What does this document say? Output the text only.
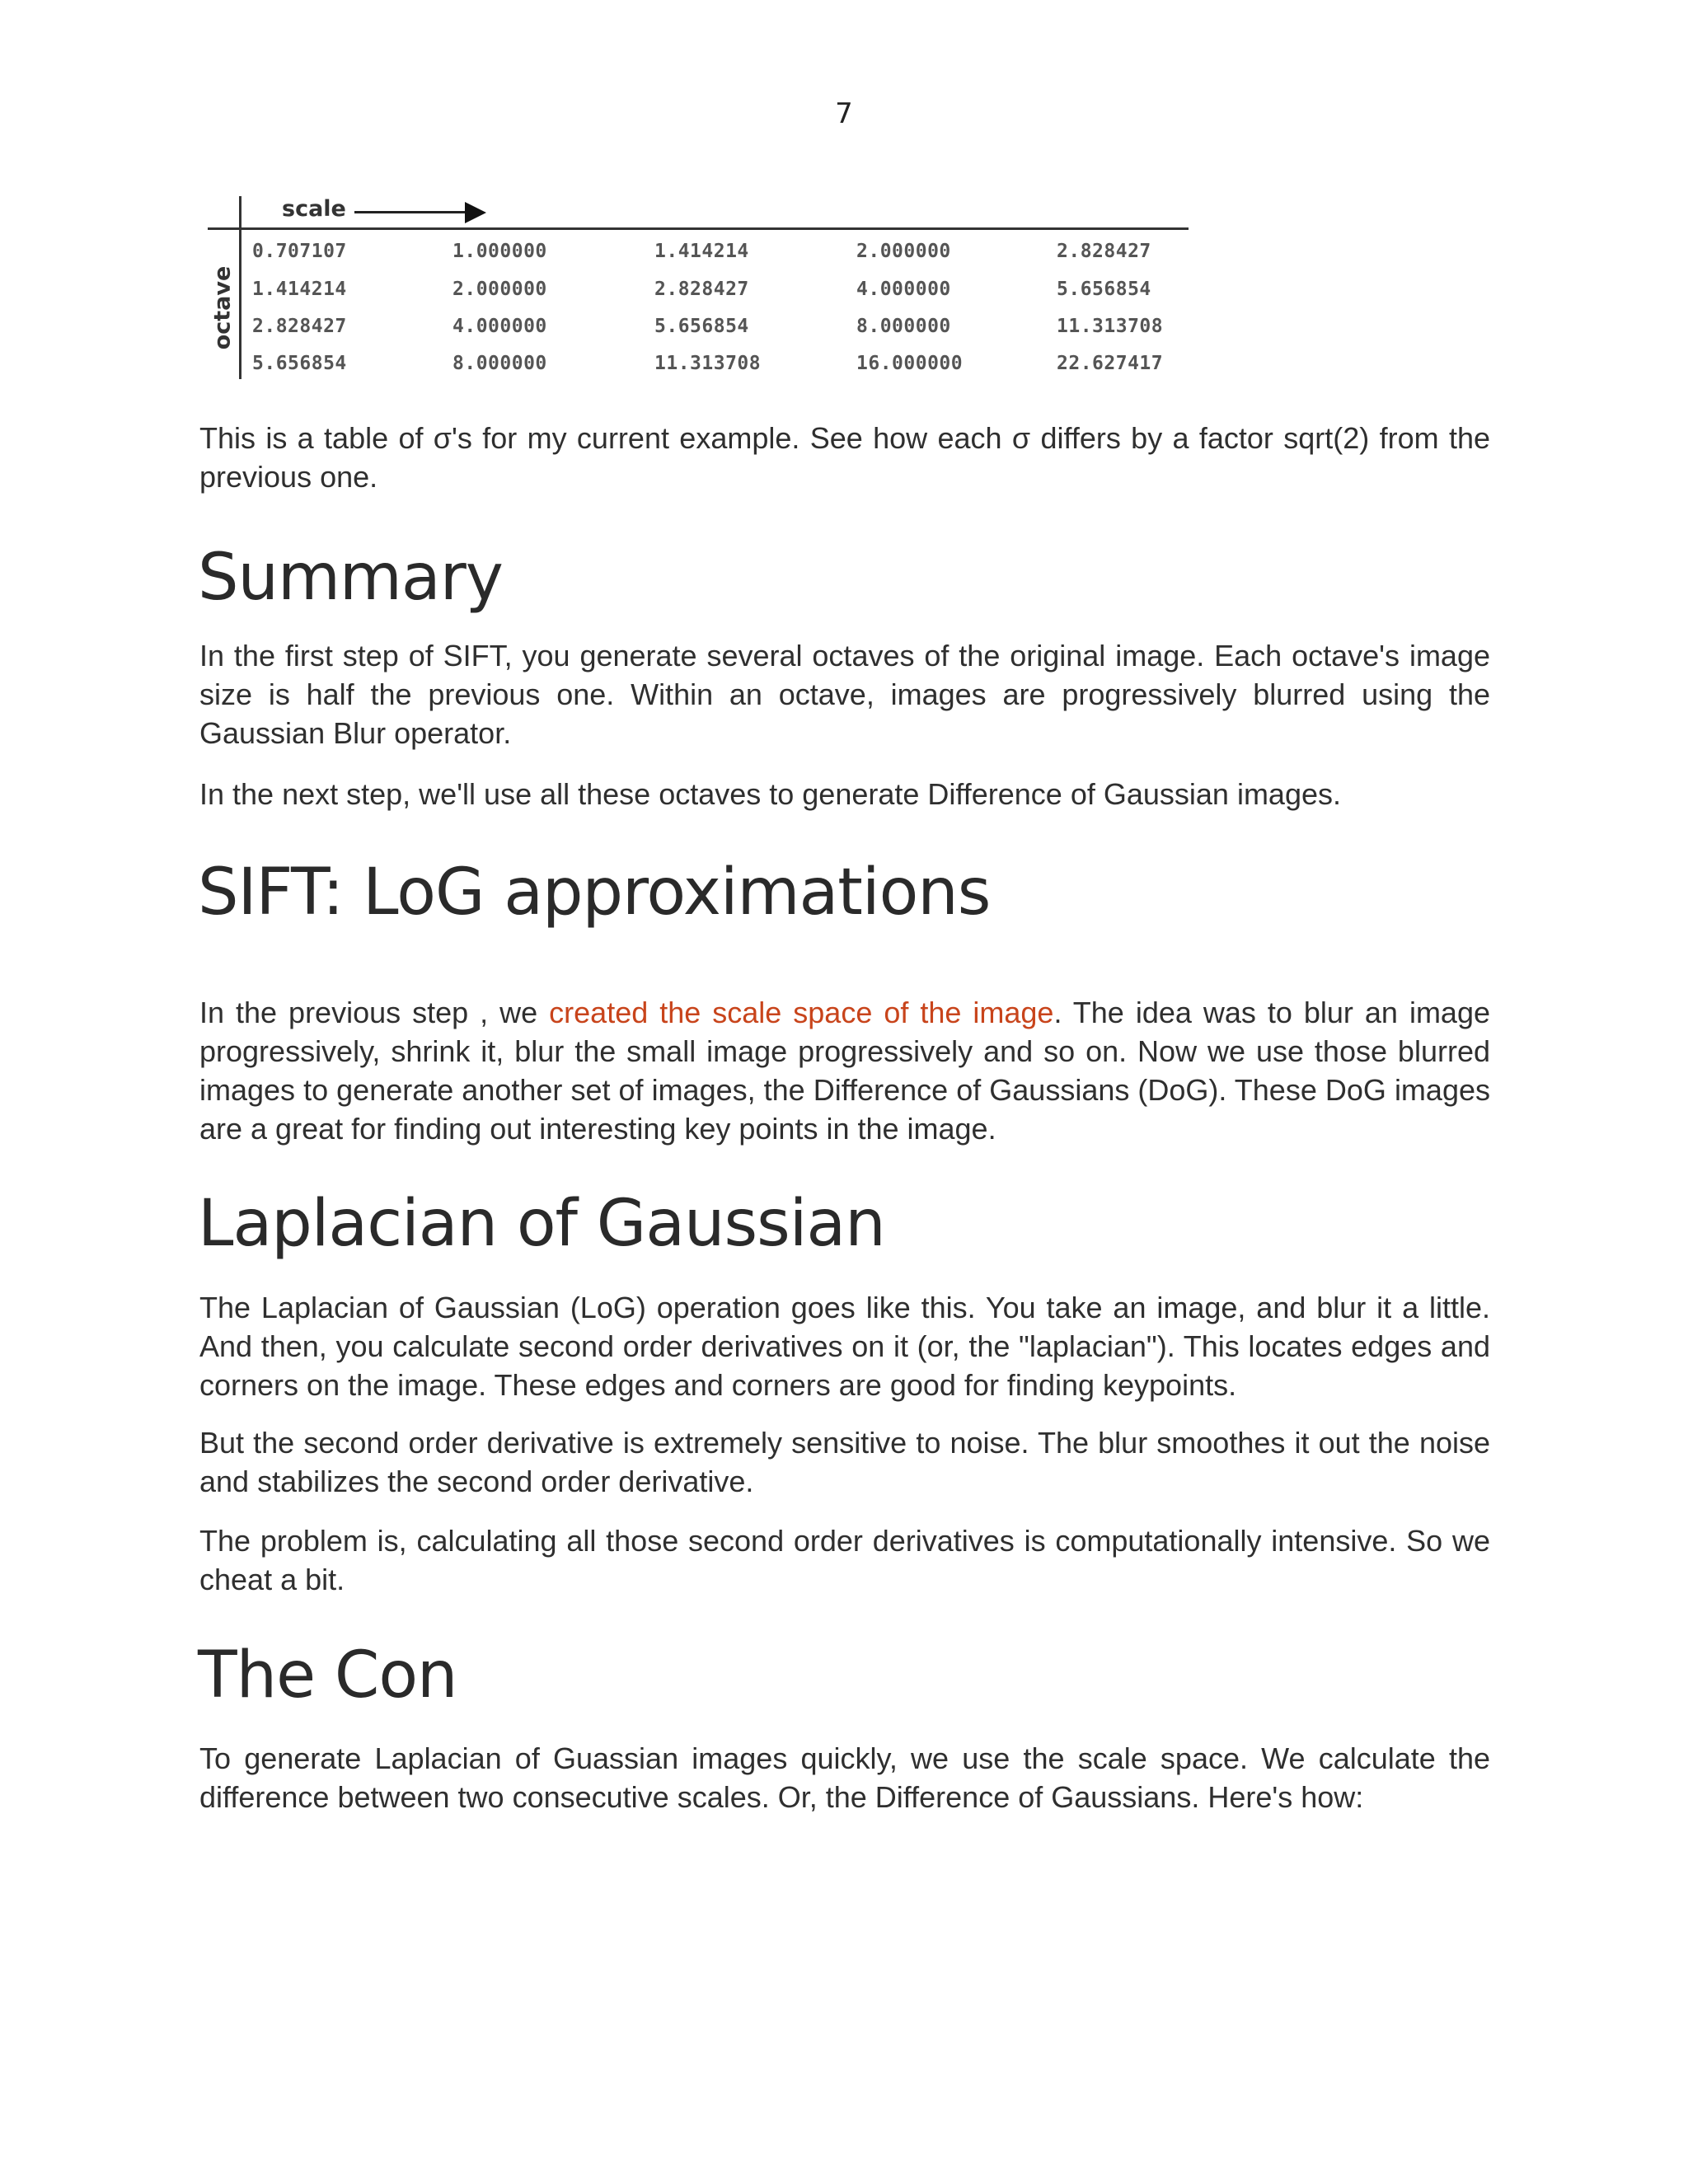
7
scale
octave
0.707107	1.000000	1.414214	2.000000	2.828427
1.414214	2.000000	2.828427	4.000000	5.656854
2.828427	4.000000	5.656854	8.000000	11.313708
5.656854	8.000000	11.313708	16.000000	22.627417
This is a table of σ's for my current example. See how each σ differs by a factor sqrt(2) from the previous one.
Summary
In the first step of SIFT, you generate several octaves of the original image. Each octave's image size is half the previous one. Within an octave, images are progressively blurred using the Gaussian Blur operator.
In the next step, we'll use all these octaves to generate Difference of Gaussian images.
SIFT: LoG approximations
In the previous step , we created the scale space of the image. The idea was to blur an image progressively, shrink it, blur the small image progressively and so on. Now we use those blurred images to generate another set of images, the Difference of Gaussians (DoG). These DoG images are a great for finding out interesting key points in the image.
Laplacian of Gaussian
The Laplacian of Gaussian (LoG) operation goes like this. You take an image, and blur it a little. And then, you calculate second order derivatives on it (or, the "laplacian"). This locates edges and corners on the image. These edges and corners are good for finding keypoints.
But the second order derivative is extremely sensitive to noise. The blur smoothes it out the noise and stabilizes the second order derivative.
The problem is, calculating all those second order derivatives is computationally intensive. So we cheat a bit.
The Con
To generate Laplacian of Guassian images quickly, we use the scale space. We calculate the difference between two consecutive scales. Or, the Difference of Gaussians. Here's how:
